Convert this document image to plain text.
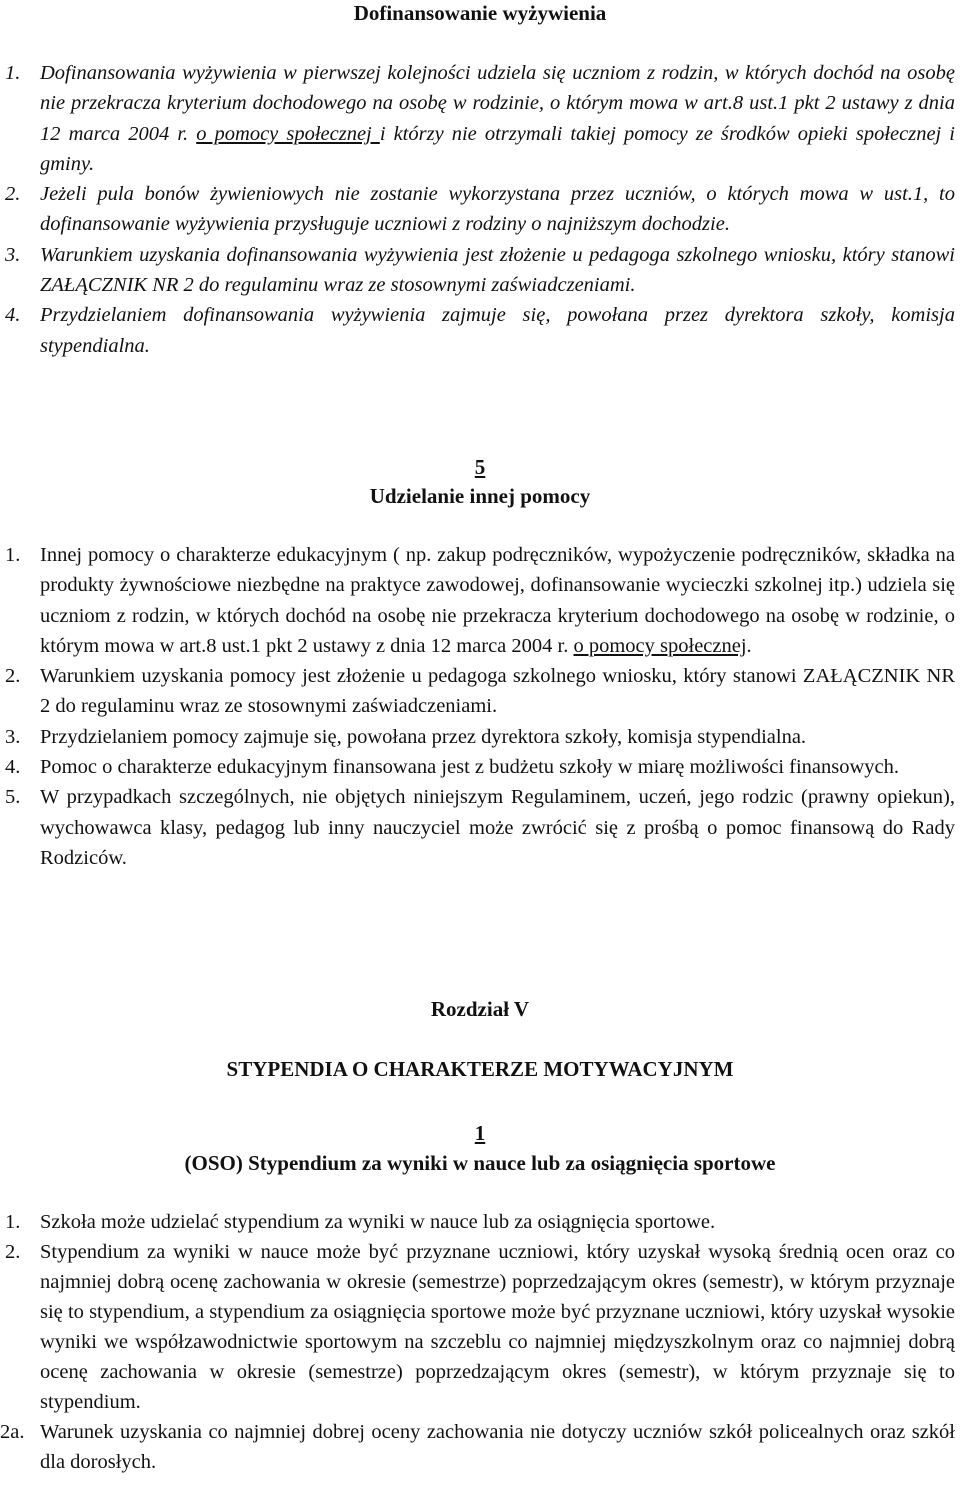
Dofinansowanie wyżywienia
1. Dofinansowania wyżywienia w pierwszej kolejności udziela się uczniom z rodzin, w których dochód na osobę nie przekracza kryterium dochodowego na osobę w rodzinie, o którym mowa w art.8 ust.1 pkt 2 ustawy z dnia 12 marca 2004 r. o pomocy społecznej i którzy nie otrzymali takiej pomocy ze środków opieki społecznej i gminy.
2. Jeżeli pula bonów żywieniowych nie zostanie wykorzystana przez uczniów, o których mowa w ust.1, to dofinansowanie wyżywienia przysługuje uczniowi z rodziny o najniższym dochodzie.
3. Warunkiem uzyskania dofinansowania wyżywienia jest złożenie u pedagoga szkolnego wniosku, który stanowi ZAŁĄCZNIK NR 2 do regulaminu wraz ze stosownymi zaświadczeniami.
4. Przydzielaniem dofinansowania wyżywienia zajmuje się, powołana przez dyrektora szkoły, komisja stypendialna.
5
Udzielanie innej pomocy
1. Innej pomocy o charakterze edukacyjnym ( np. zakup podręczników, wypożyczenie podręczników, składka na produkty żywnościowe niezbędne na praktyce zawodowej, dofinansowanie wycieczki szkolnej itp.) udziela się uczniom z rodzin, w których dochód na osobę nie przekracza kryterium dochodowego na osobę w rodzinie, o którym mowa w art.8 ust.1 pkt 2 ustawy z dnia 12 marca 2004 r. o pomocy społecznej.
2. Warunkiem uzyskania pomocy jest złożenie u pedagoga szkolnego wniosku, który stanowi ZAŁĄCZNIK NR 2 do regulaminu wraz ze stosownymi zaświadczeniami.
3. Przydzielaniem pomocy zajmuje się, powołana przez dyrektora szkoły, komisja stypendialna.
4. Pomoc o charakterze edukacyjnym finansowana jest z budżetu szkoły w miarę możliwości finansowych.
5. W przypadkach szczególnych, nie objętych niniejszym Regulaminem, uczeń, jego rodzic (prawny opiekun), wychowawca klasy, pedagog lub inny nauczyciel może zwrócić się z prośbą o pomoc finansową do Rady Rodziców.
Rozdział V
STYPENDIA O CHARAKTERZE MOTYWACYJNYM
1
(OSO) Stypendium za wyniki w nauce lub za osiągnięcia sportowe
1. Szkoła może udzielać stypendium za wyniki w nauce lub za osiągnięcia sportowe.
2. Stypendium za wyniki w nauce może być przyznane uczniowi, który uzyskał wysoką średnią ocen oraz co najmniej dobrą ocenę zachowania w okresie (semestrze) poprzedzającym okres (semestr), w którym przyznaje się to stypendium, a stypendium za osiągnięcia sportowe może być przyznane uczniowi, który uzyskał wysokie wyniki we współzawodnictwie sportowym na szczeblu co najmniej międzyszkolnym oraz co najmniej dobrą ocenę zachowania w okresie (semestrze) poprzedzającym okres (semestr), w którym przyznaje się to stypendium.
2a. Warunek uzyskania co najmniej dobrej oceny zachowania nie dotyczy uczniów szkół policealnych oraz szkół dla dorosłych.
